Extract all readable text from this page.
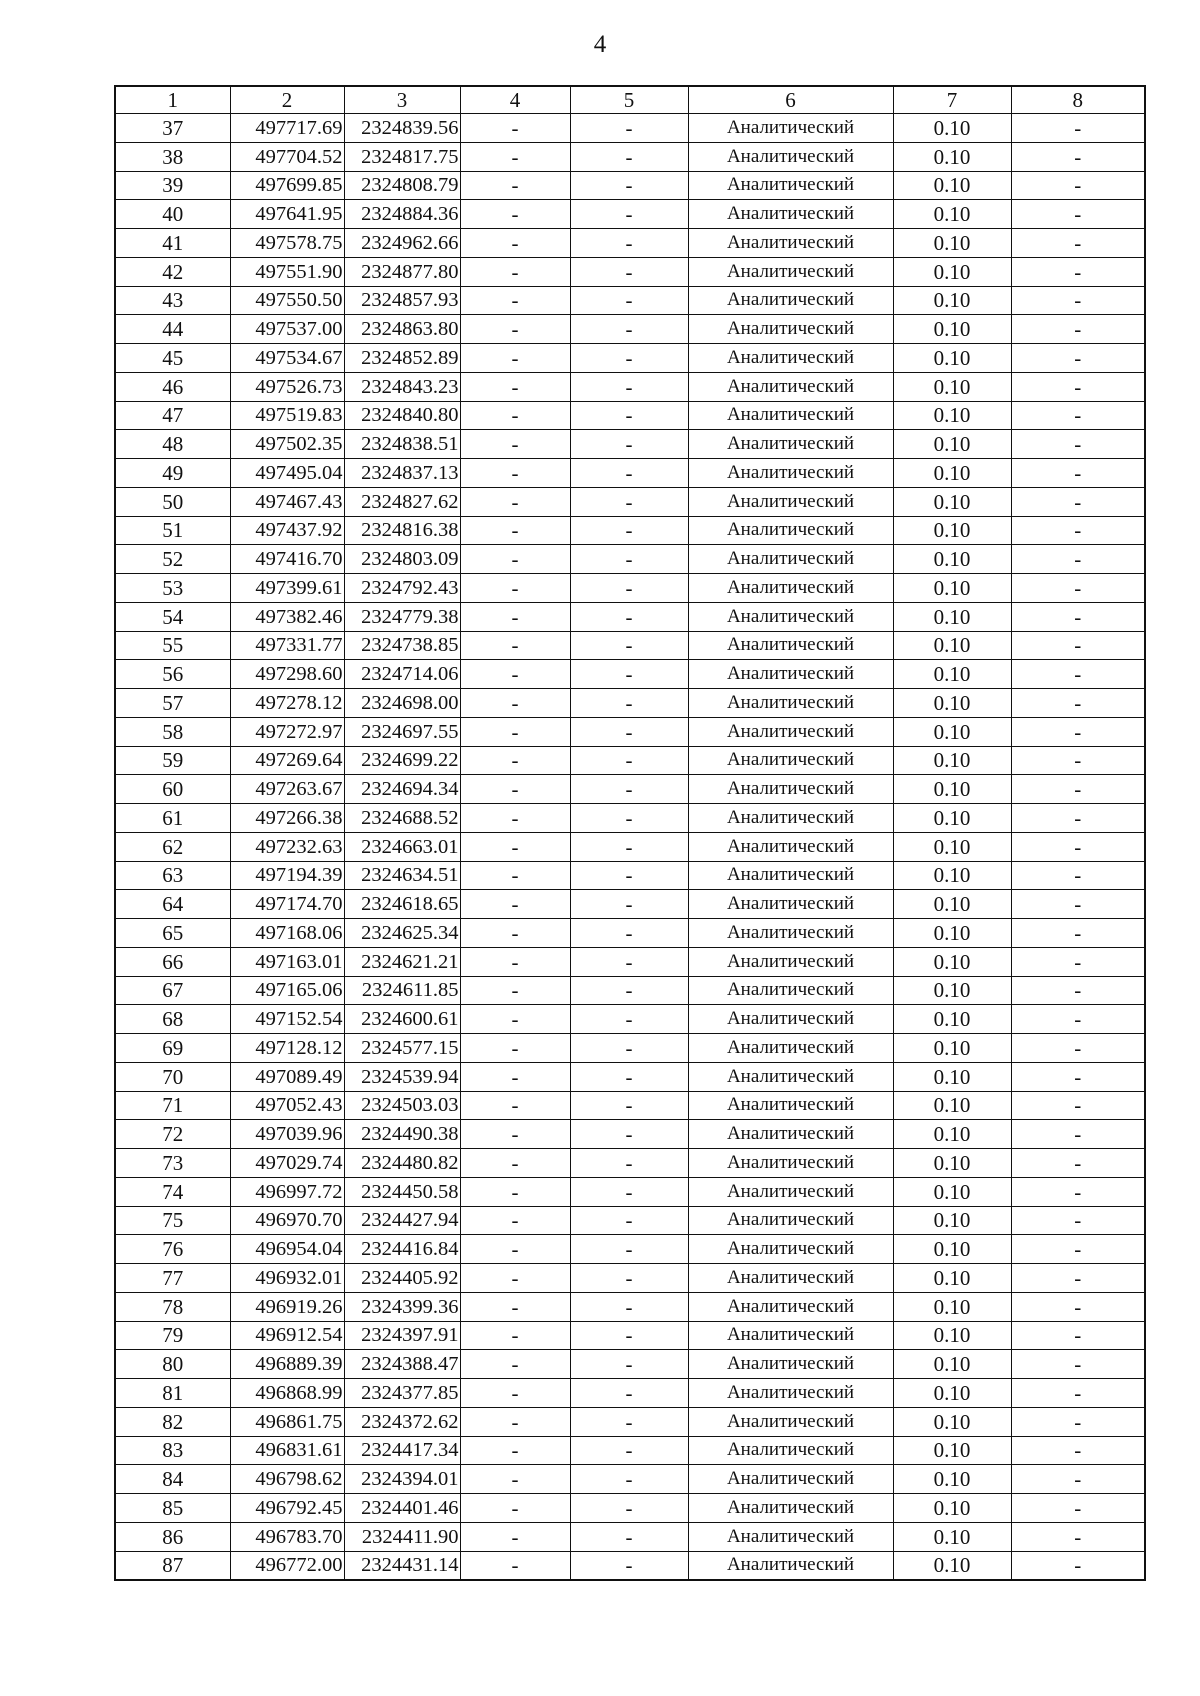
4
1	2	3	4	5	6	7	8
37	497717.69	2324839.56	-	-	Аналитический	0.10	-
38	497704.52	2324817.75	-	-	Аналитический	0.10	-
39	497699.85	2324808.79	-	-	Аналитический	0.10	-
40	497641.95	2324884.36	-	-	Аналитический	0.10	-
41	497578.75	2324962.66	-	-	Аналитический	0.10	-
42	497551.90	2324877.80	-	-	Аналитический	0.10	-
43	497550.50	2324857.93	-	-	Аналитический	0.10	-
44	497537.00	2324863.80	-	-	Аналитический	0.10	-
45	497534.67	2324852.89	-	-	Аналитический	0.10	-
46	497526.73	2324843.23	-	-	Аналитический	0.10	-
47	497519.83	2324840.80	-	-	Аналитический	0.10	-
48	497502.35	2324838.51	-	-	Аналитический	0.10	-
49	497495.04	2324837.13	-	-	Аналитический	0.10	-
50	497467.43	2324827.62	-	-	Аналитический	0.10	-
51	497437.92	2324816.38	-	-	Аналитический	0.10	-
52	497416.70	2324803.09	-	-	Аналитический	0.10	-
53	497399.61	2324792.43	-	-	Аналитический	0.10	-
54	497382.46	2324779.38	-	-	Аналитический	0.10	-
55	497331.77	2324738.85	-	-	Аналитический	0.10	-
56	497298.60	2324714.06	-	-	Аналитический	0.10	-
57	497278.12	2324698.00	-	-	Аналитический	0.10	-
58	497272.97	2324697.55	-	-	Аналитический	0.10	-
59	497269.64	2324699.22	-	-	Аналитический	0.10	-
60	497263.67	2324694.34	-	-	Аналитический	0.10	-
61	497266.38	2324688.52	-	-	Аналитический	0.10	-
62	497232.63	2324663.01	-	-	Аналитический	0.10	-
63	497194.39	2324634.51	-	-	Аналитический	0.10	-
64	497174.70	2324618.65	-	-	Аналитический	0.10	-
65	497168.06	2324625.34	-	-	Аналитический	0.10	-
66	497163.01	2324621.21	-	-	Аналитический	0.10	-
67	497165.06	2324611.85	-	-	Аналитический	0.10	-
68	497152.54	2324600.61	-	-	Аналитический	0.10	-
69	497128.12	2324577.15	-	-	Аналитический	0.10	-
70	497089.49	2324539.94	-	-	Аналитический	0.10	-
71	497052.43	2324503.03	-	-	Аналитический	0.10	-
72	497039.96	2324490.38	-	-	Аналитический	0.10	-
73	497029.74	2324480.82	-	-	Аналитический	0.10	-
74	496997.72	2324450.58	-	-	Аналитический	0.10	-
75	496970.70	2324427.94	-	-	Аналитический	0.10	-
76	496954.04	2324416.84	-	-	Аналитический	0.10	-
77	496932.01	2324405.92	-	-	Аналитический	0.10	-
78	496919.26	2324399.36	-	-	Аналитический	0.10	-
79	496912.54	2324397.91	-	-	Аналитический	0.10	-
80	496889.39	2324388.47	-	-	Аналитический	0.10	-
81	496868.99	2324377.85	-	-	Аналитический	0.10	-
82	496861.75	2324372.62	-	-	Аналитический	0.10	-
83	496831.61	2324417.34	-	-	Аналитический	0.10	-
84	496798.62	2324394.01	-	-	Аналитический	0.10	-
85	496792.45	2324401.46	-	-	Аналитический	0.10	-
86	496783.70	2324411.90	-	-	Аналитический	0.10	-
87	496772.00	2324431.14	-	-	Аналитический	0.10	-
